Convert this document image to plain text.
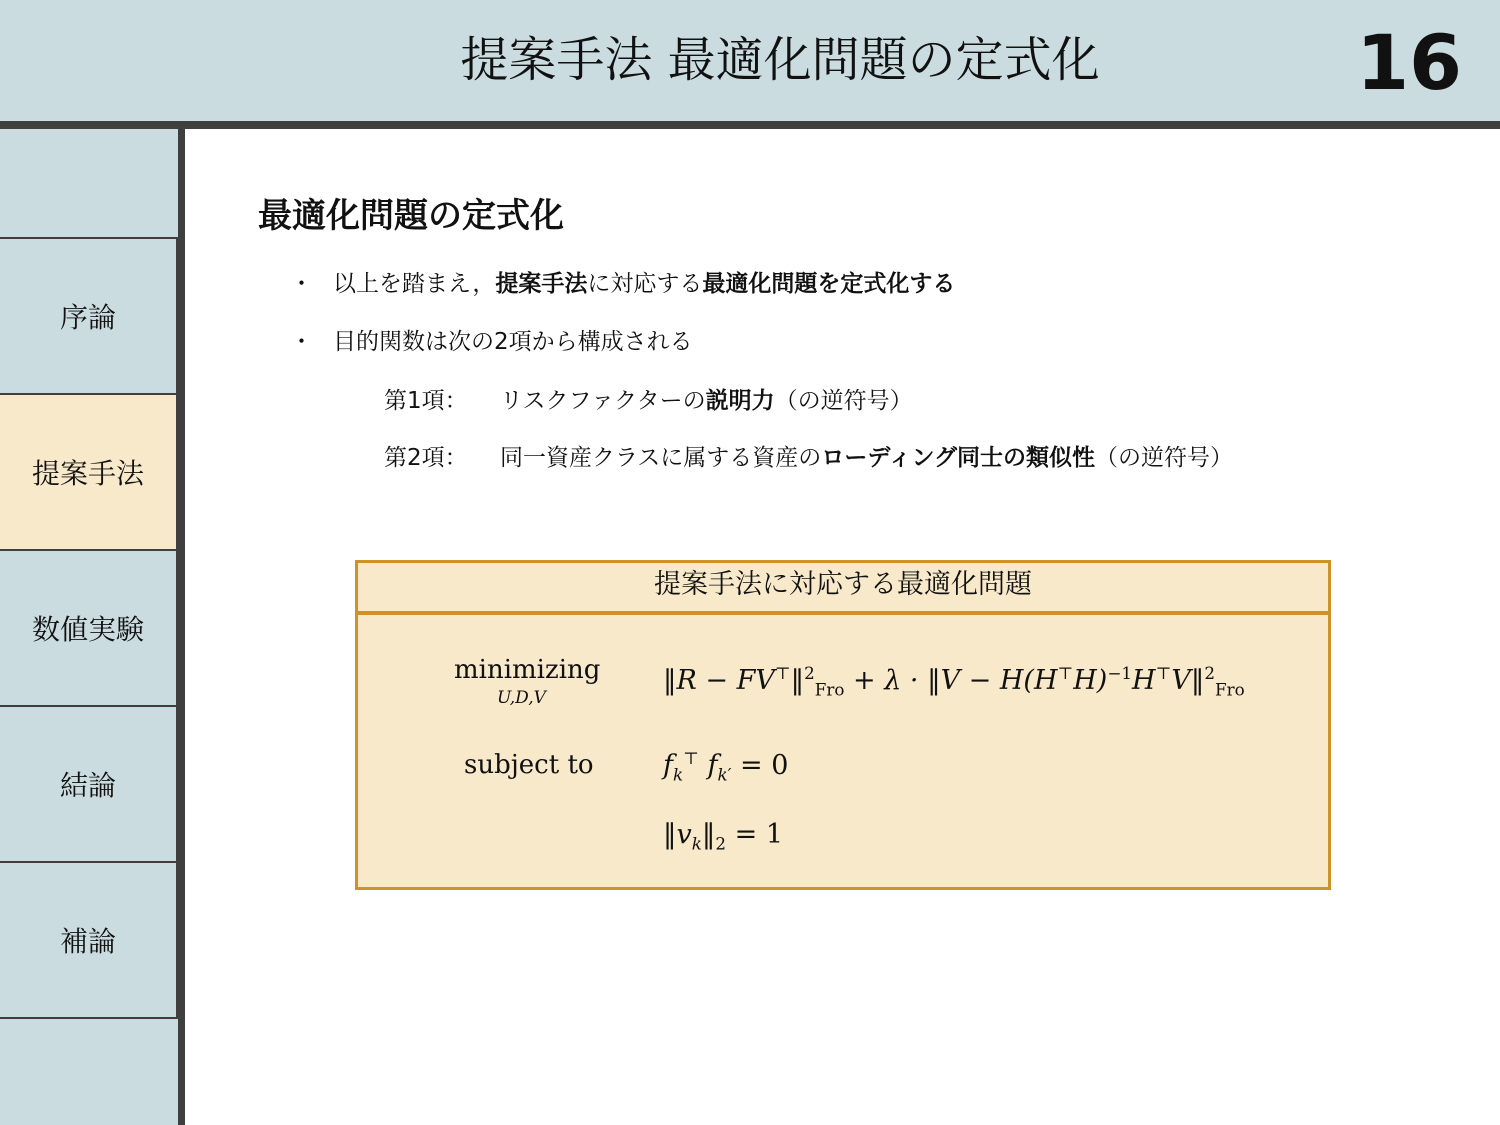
提案手法 最適化問題の定式化	16
序論
提案手法
数値実験
結論
補論
最適化問題の定式化
・ 以上を踏まえ，提案手法に対応する最適化問題を定式化する
・ 目的関数は次の2項から構成される
第1項： リスクファクターの説明力（の逆符号）
第2項： 同一資産クラスに属する資産のローディング同士の類似性（の逆符号）
提案手法に対応する最適化問題
minimizing
U,D,V
subject to
‖R − FV⊤‖$^2_{Fro}$ + λ · ‖V − $H(H^⊤H)^{-1}H^⊤V‖^2_{Fro}$
$f_k^⊤$ $f_{k'} = 0$
$‖v_k‖_2 = 1$
